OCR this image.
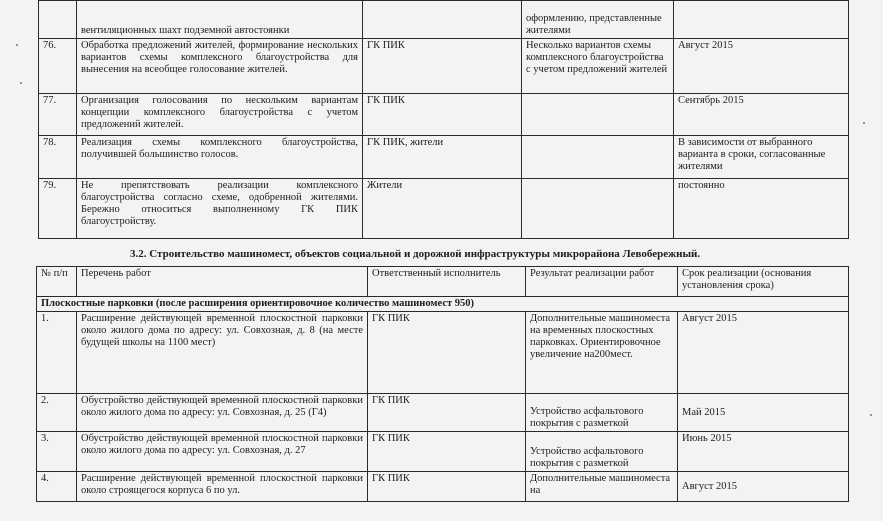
	вентиляционных шахт подземной автостоянки		оформлению, представленные жителями	
76.	Обработка предложений жителей, формирование нескольких вариантов схемы комплексного благоустройства для вынесения на всеобщее голосование жителей.	ГК ПИК	Несколько вариантов схемы комплексного благоустройства с учетом предложений жителей	Август 2015
77.	Организация голосования по нескольким вариантам концепции комплексного благоустройства с учетом предложений жителей.	ГК ПИК		Сентябрь 2015
78.	Реализация схемы комплексного благоустройства, получившей большинство голосов.	ГК ПИК, жители		В зависимости от выбранного варианта в сроки, согласованные жителями
79.	Не препятствовать реализации комплексного благоустройства согласно схеме, одобренной жителями. Бережно относиться выполненному ГК ПИК благоустройству.	Жители		постоянно
3.2. Строительство машиномест, объектов социальной и дорожной инфраструктуры микрорайона Левобережный.
№ п/п	Перечень работ	Ответственный исполнитель	Результат реализации работ	Срок реализации (основания установления срока)
Плоскостные парковки (после расширения ориентировочное количество машиномест 950)				
1.	Расширение действующей временной плоскостной парковки около жилого дома по адресу: ул. Совхозная, д. 8 (на месте будущей школы на 1100 мест)	ГК ПИК	Дополнительные машиноместа на временных плоскостных парковках. Ориентировочное увеличение на200мест.	Август 2015
2.	Обустройство действующей временной плоскостной парковки около жилого дома по адресу: ул. Совхозная, д. 25 (Г4)	ГК ПИК	Устройство асфальтового покрытия с разметкой	Май 2015
3.	Обустройство действующей временной плоскостной парковки около жилого дома по адресу: ул. Совхозная, д. 27	ГК ПИК	Устройство асфальтового покрытия с разметкой	Июнь 2015
4.	Расширение действующей временной плоскостной парковки около строящегося корпуса 6 по ул.	ГК ПИК	Дополнительные машиноместа на	Август 2015
